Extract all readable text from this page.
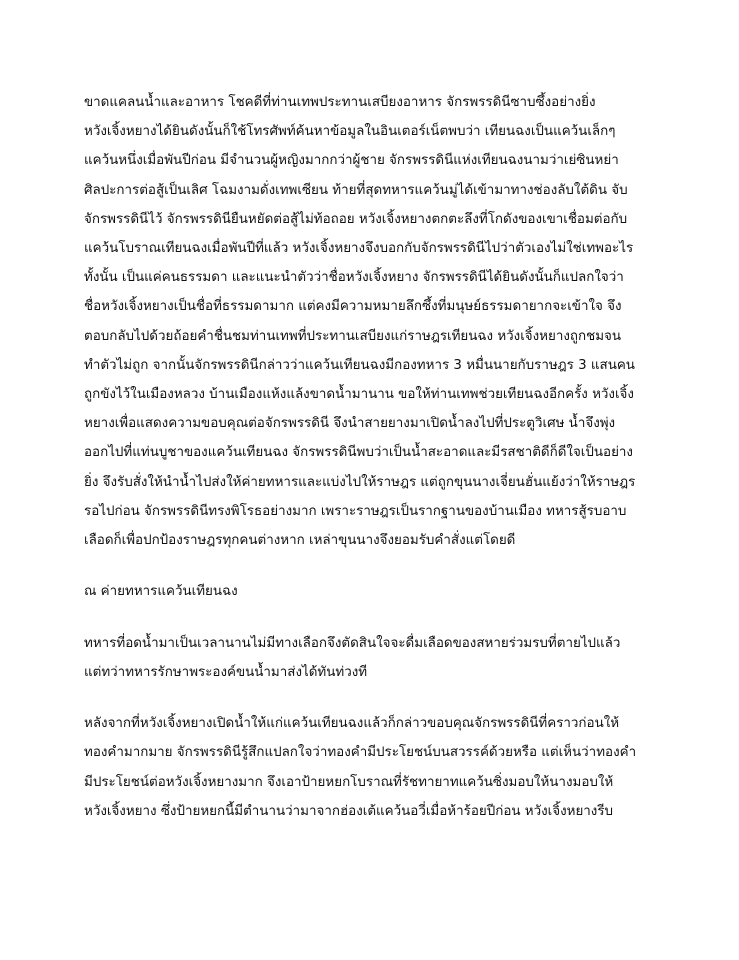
ขาดแคลนน้ำและอาหาร โชคดีที่ท่านเทพประทานเสบียงอาหาร จักรพรรดินีซาบซึ้งอย่างยิ่ง
หวังเจิ้งหยางได้ยินดังนั้นก็ใช้โทรศัพท์ค้นหาข้อมูลในอินเตอร์เน็ตพบว่า เทียนฉงเป็นแคว้นเล็กๆ
แคว้นหนึ่งเมื่อพันปีก่อน มีจำนวนผู้หญิงมากกว่าผู้ชาย จักรพรรดินีแห่งเทียนฉงนามว่าเย่ซินหย่า
ศิลปะการต่อสู้เป็นเลิศ โฉมงามดั่งเทพเซียน ท้ายที่สุดทหารแคว้นมู่ได้เข้ามาทางช่องลับใต้ดิน จับ
จักรพรรดินีไว้ จักรพรรดินียืนหยัดต่อสู้ไม่ท้อถอย หวังเจิ้งหยางตกตะลึงที่โกดังของเขาเชื่อมต่อกับ
แคว้นโบราณเทียนฉงเมื่อพันปีที่แล้ว หวังเจิ้งหยางจึงบอกกับจักรพรรดินีไปว่าตัวเองไม่ใช่เทพอะไร
ทั้งนั้น เป็นแค่คนธรรมดา และแนะนำตัวว่าชื่อหวังเจิ้งหยาง จักรพรรดินีได้ยินดังนั้นก็แปลกใจว่า
ชื่อหวังเจิ้งหยางเป็นชื่อที่ธรรมดามาก แต่คงมีความหมายลึกซึ้งที่มนุษย์ธรรมดายากจะเข้าใจ จึง
ตอบกลับไปด้วยถ้อยคำชื่นชมท่านเทพที่ประทานเสบียงแก่ราษฎรเทียนฉง หวังเจิ้งหยางถูกชมจน
ทำตัวไม่ถูก จากนั้นจักรพรรดินีกล่าวว่าแคว้นเทียนฉงมีกองทหาร 3 หมื่นนายกับราษฎร 3 แสนคน
ถูกขังไว้ในเมืองหลวง บ้านเมืองแห้งแล้งขาดน้ำมานาน ขอให้ท่านเทพช่วยเทียนฉงอีกครั้ง หวังเจิ้ง
หยางเพื่อแสดงความขอบคุณต่อจักรพรรดินี จึงนำสายยางมาเปิดน้ำลงไปที่ประตูวิเศษ น้ำจึงพุ่ง
ออกไปที่แท่นบูชาของแคว้นเทียนฉง จักรพรรดินีพบว่าเป็นน้ำสะอาดและมีรสชาติดีก็ดีใจเป็นอย่าง
ยิ่ง จึงรับสั่งให้นำน้ำไปส่งให้ค่ายทหารและแบ่งไปให้ราษฎร แต่ถูกขุนนางเจี่ยนฮั่นแย้งว่าให้ราษฎร
รอไปก่อน จักรพรรดินีทรงพิโรธอย่างมาก เพราะราษฎรเป็นรากฐานของบ้านเมือง ทหารสู้รบอาบ
เลือดก็เพื่อปกป้องราษฎรทุกคนต่างหาก เหล่าขุนนางจึงยอมรับคำสั่งแต่โดยดี
ณ ค่ายทหารแคว้นเทียนฉง
ทหารที่อดน้ำมาเป็นเวลานานไม่มีทางเลือกจึงตัดสินใจจะดื่มเลือดของสหายร่วมรบที่ตายไปแล้ว
แต่ทว่าทหารรักษาพระองค์ขนน้ำมาส่งได้ทันท่วงที
หลังจากที่หวังเจิ้งหยางเปิดน้ำให้แก่แคว้นเทียนฉงแล้วก็กล่าวขอบคุณจักรพรรดินีที่คราวก่อนให้
ทองคำมากมาย จักรพรรดินีรู้สึกแปลกใจว่าทองคำมีประโยชน์บนสวรรค์ด้วยหรือ แต่เห็นว่าทองคำ
มีประโยชน์ต่อหวังเจิ้งหยางมาก จึงเอาป้ายหยกโบราณที่รัชทายาทแคว้นซิ่งมอบให้นางมอบให้
หวังเจิ้งหยาง ซึ่งป้ายหยกนี้มีตำนานว่ามาจากฮ่องเต้แคว้นอวี่เมื่อห้าร้อยปีก่อน หวังเจิ้งหยางรีบ
